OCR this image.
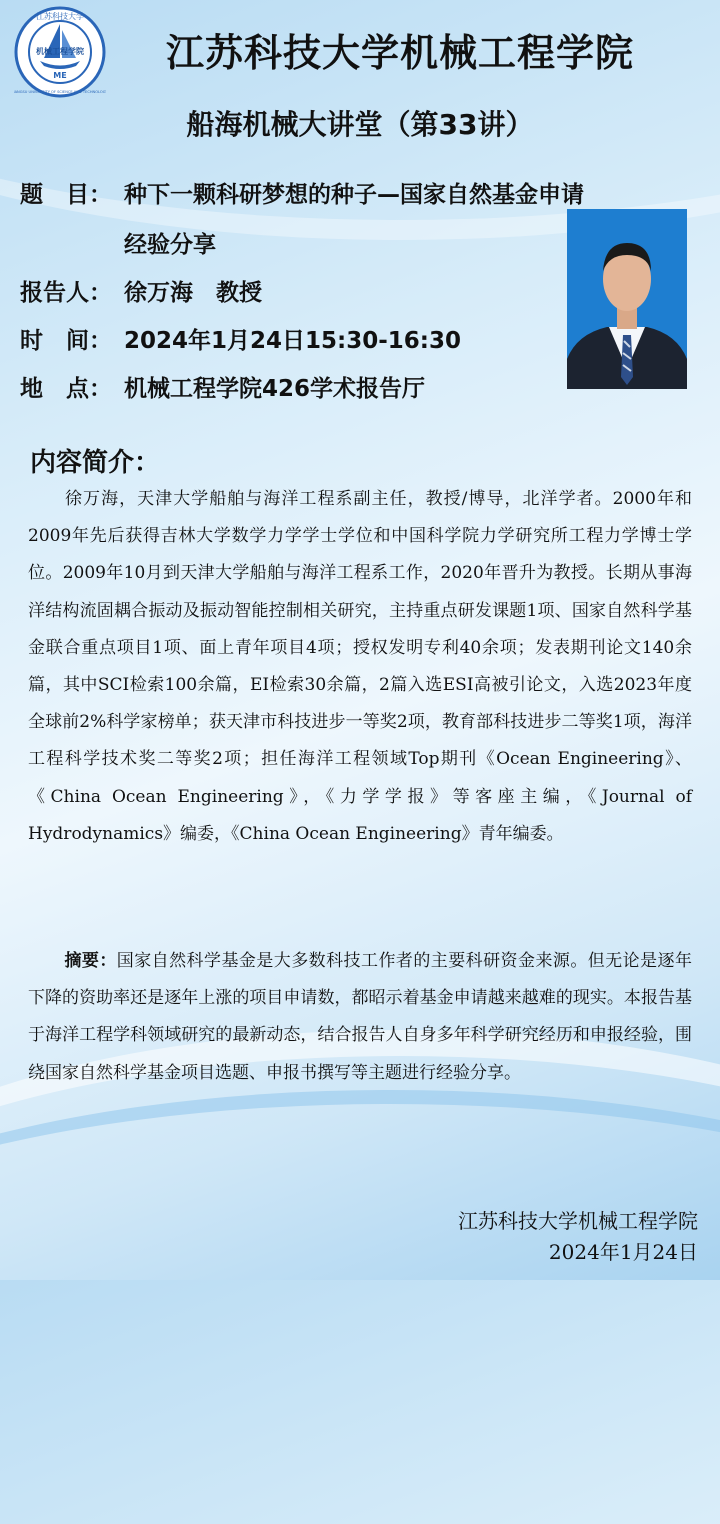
机械工程学院
ME
江苏科技大学
JIANGSU UNIVERSITY OF SCIENCE AND TECHNOLOGY
江苏科技大学机械工程学院
船海机械大讲堂（第33讲）
题　目： 种下一颗科研梦想的种子—国家自然基金申请
经验分享
报告人： 徐万海　教授
时　间： 2024年1月24日15:30-16:30
地　点： 机械工程学院426学术报告厅
内容简介：
徐万海，天津大学船舶与海洋工程系副主任，教授/博导，北洋学者。2000年和2009年先后获得吉林大学数学力学学士学位和中国科学院力学研究所工程力学博士学位。2009年10月到天津大学船舶与海洋工程系工作，2020年晋升为教授。长期从事海洋结构流固耦合振动及振动智能控制相关研究，主持重点研发课题1项、国家自然科学基金联合重点项目1项、面上青年项目4项；授权发明专利40余项；发表期刊论文140余篇，其中SCI检索100余篇，EI检索30余篇，2篇入选ESI高被引论文，入选2023年度全球前2%科学家榜单；获天津市科技进步一等奖2项，教育部科技进步二等奖1项，海洋工程科学技术奖二等奖2项；担任海洋工程领域Top期刊《Ocean Engineering》、《China Ocean Engineering》，《力学学报》等客座主编，《Journal of Hydrodynamics》编委，《China Ocean Engineering》青年编委。
摘要：国家自然科学基金是大多数科技工作者的主要科研资金来源。但无论是逐年下降的资助率还是逐年上涨的项目申请数，都昭示着基金申请越来越难的现实。本报告基于海洋工程学科领域研究的最新动态，结合报告人自身多年科学研究经历和申报经验，围绕国家自然科学基金项目选题、申报书撰写等主题进行经验分享。
江苏科技大学机械工程学院
2024年1月24日
